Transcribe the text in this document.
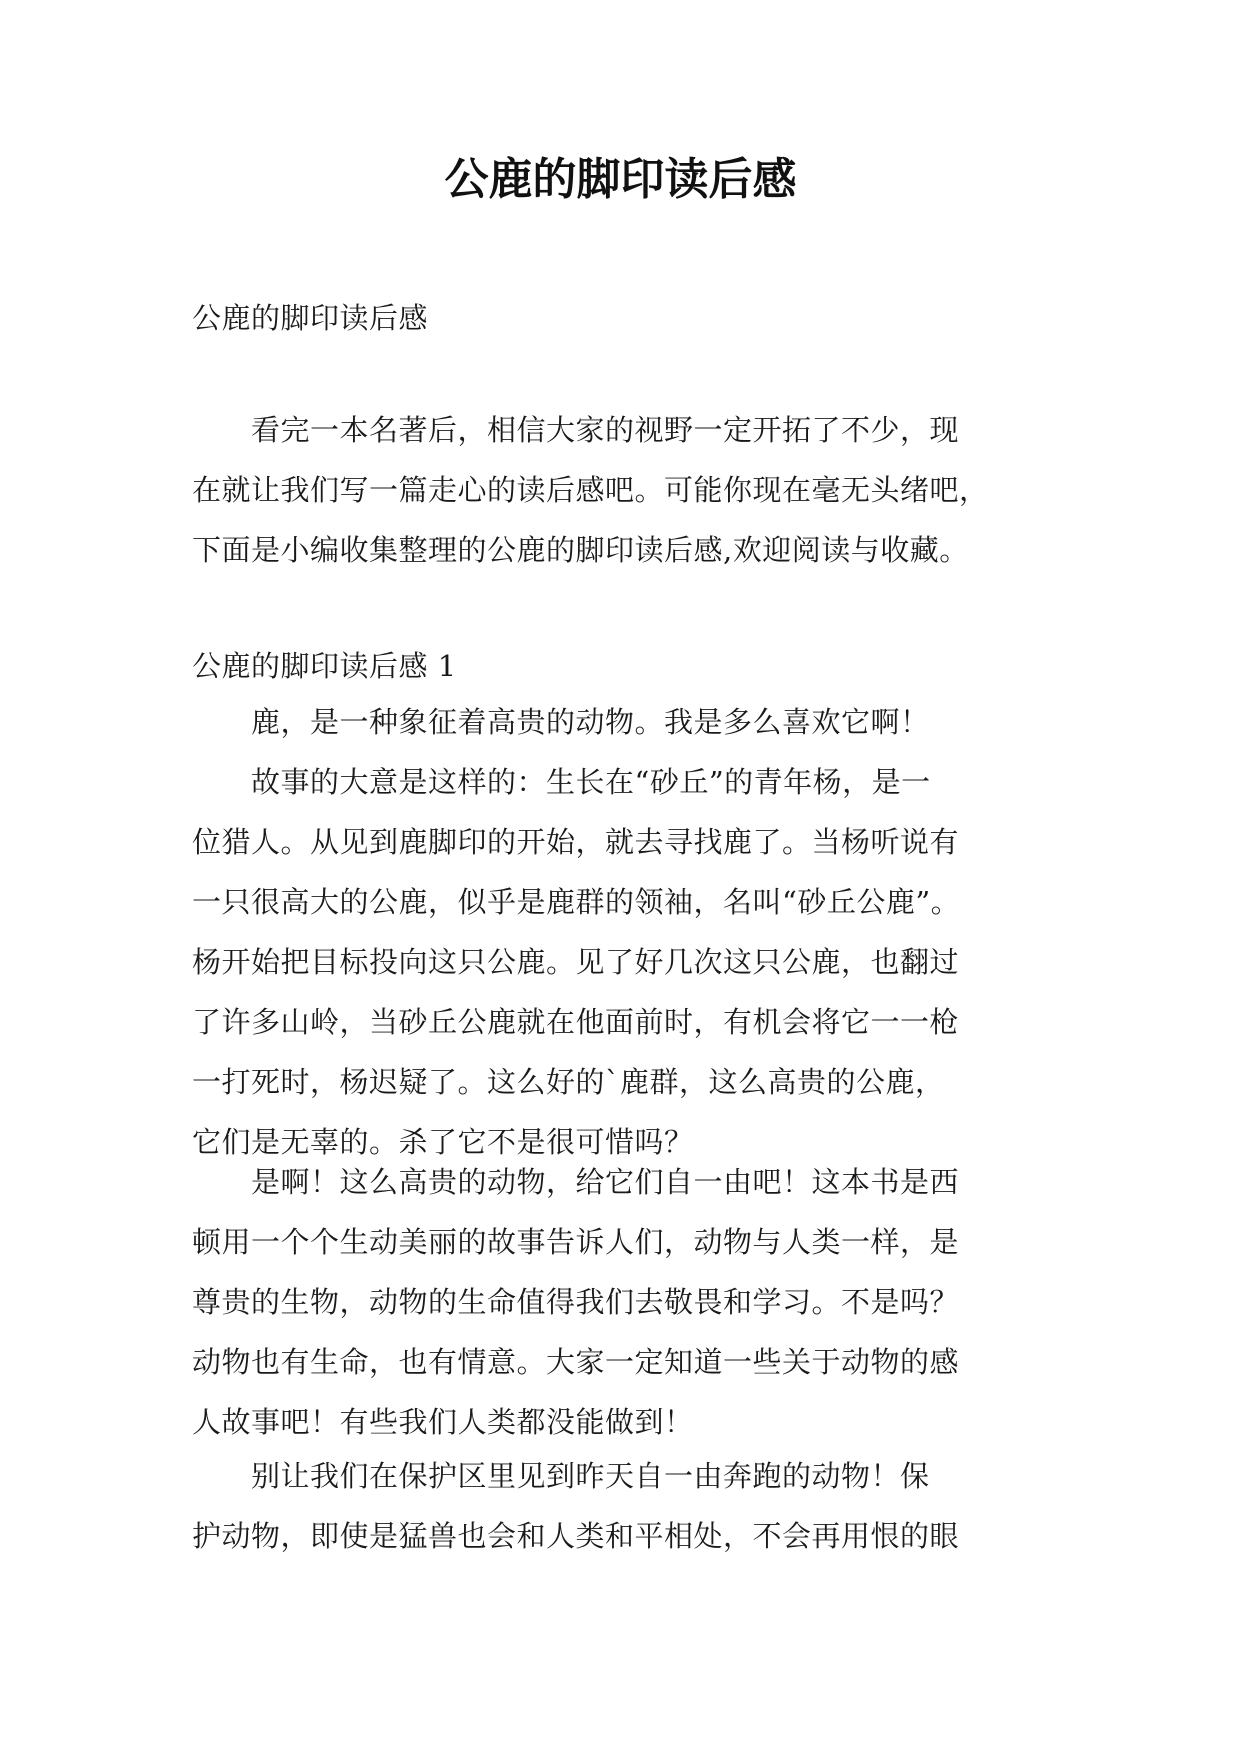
公鹿的脚印读后感

公鹿的脚印读后感

　　看完一本名著后，相信大家的视野一定开拓了不少，现
在就让我们写一篇走心的读后感吧。可能你现在毫无头绪吧，
下面是小编收集整理的公鹿的脚印读后感,欢迎阅读与收藏。

公鹿的脚印读后感 1

　　鹿，是一种象征着高贵的动物。我是多么喜欢它啊！
　　故事的大意是这样的：生长在“砂丘”的青年杨，是一
位猎人。从见到鹿脚印的开始，就去寻找鹿了。当杨听说有
一只很高大的公鹿，似乎是鹿群的领袖，名叫“砂丘公鹿”。
杨开始把目标投向这只公鹿。见了好几次这只公鹿，也翻过
了许多山岭，当砂丘公鹿就在他面前时，有机会将它一一枪
一打死时，杨迟疑了。这么好的`鹿群，这么高贵的公鹿，
它们是无辜的。杀了它不是很可惜吗？
　　是啊！这么高贵的动物，给它们自一由吧！这本书是西
顿用一个个生动美丽的故事告诉人们，动物与人类一样，是
尊贵的生物，动物的生命值得我们去敬畏和学习。不是吗？
动物也有生命，也有情意。大家一定知道一些关于动物的感
人故事吧！有些我们人类都没能做到！
　　别让我们在保护区里见到昨天自一由奔跑的动物！保
护动物，即使是猛兽也会和人类和平相处，不会再用恨的眼
